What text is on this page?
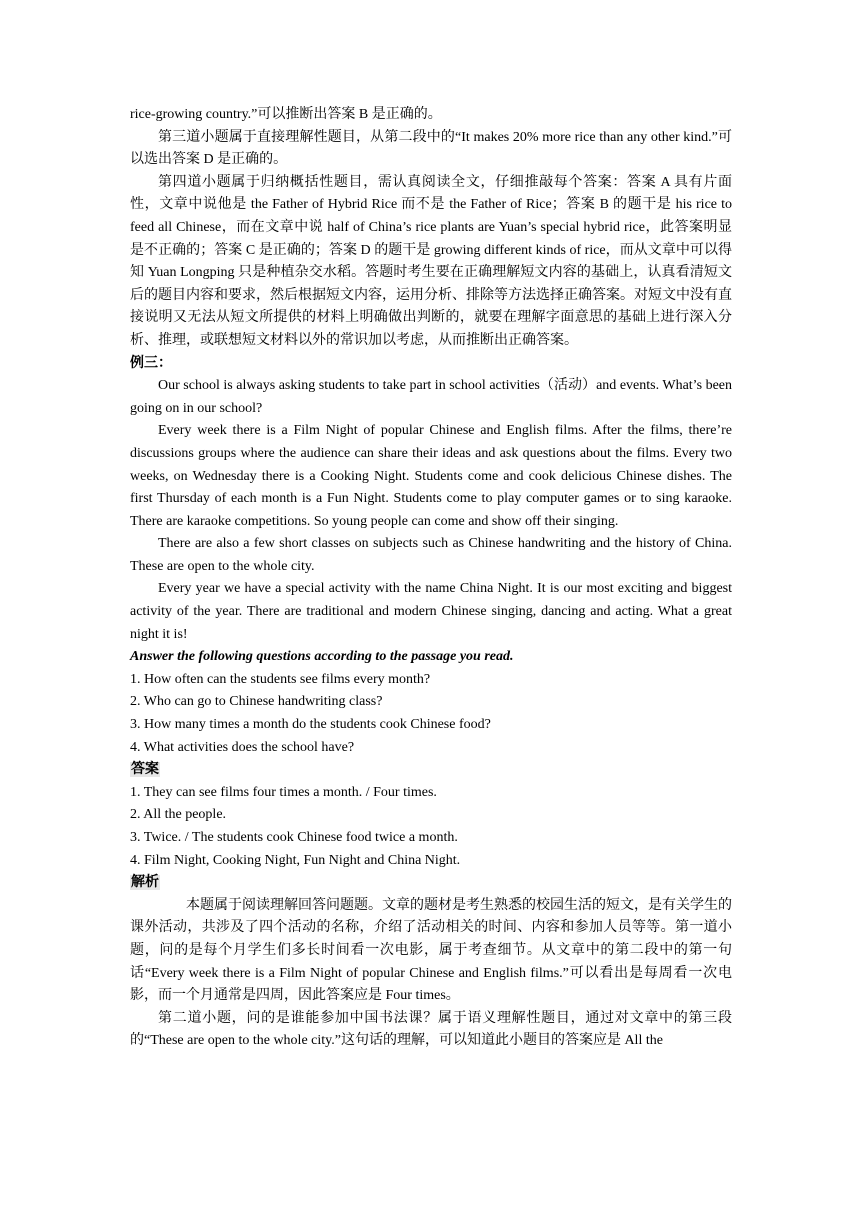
rice-growing country.”可以推断出答案 B 是正确的。

第三道小题属于直接理解性题目，从第二段中的“It makes 20% more rice than any other kind.”可以选出答案 D 是正确的。

第四道小题属于归纳概括性题目，需认真阅读全文，仔细推敲每个答案：答案 A 具有片面性，文章中说他是 the Father of Hybrid Rice 而不是 the Father of Rice；答案 B 的题干是 his rice to feed all Chinese，而在文章中说 half of China’s rice plants are Yuan’s special hybrid rice，此答案明显是不正确的；答案 C 是正确的；答案 D 的题干是 growing different kinds of rice，而从文章中可以得知 Yuan Longping 只是种植杂交水稻。答题时考生要在正确理解短文内容的基础上，认真看清短文后的题目内容和要求，然后根据短文内容，运用分析、排除等方法选择正确答案。对短文中没有直接说明又无法从短文所提供的材料上明确做出判断的，就要在理解字面意思的基础上进行深入分析、推理，或联想短文材料以外的常识加以考虑，从而推断出正确答案。

例三：

Our school is always asking students to take part in school activities（活动）and events. What’s been going on in our school?

Every week there is a Film Night of popular Chinese and English films. After the films, there’re discussions groups where the audience can share their ideas and ask questions about the films. Every two weeks, on Wednesday there is a Cooking Night. Students come and cook delicious Chinese dishes. The first Thursday of each month is a Fun Night. Students come to play computer games or to sing karaoke. There are karaoke competitions. So young people can come and show off their singing.

There are also a few short classes on subjects such as Chinese handwriting and the history of China. These are open to the whole city.

Every year we have a special activity with the name China Night. It is our most exciting and biggest activity of the year. There are traditional and modern Chinese singing, dancing and acting. What a great night it is!

Answer the following questions according to the passage you read.

1. How often can the students see films every month?

2. Who can go to Chinese handwriting class?

3. How many times a month do the students cook Chinese food?

4. What activities does the school have?

答案

1. They can see films four times a month. / Four times.

2. All the people.

3. Twice. / The students cook Chinese food twice a month.

4. Film Night, Cooking Night, Fun Night and China Night.

解析

本题属于阅读理解回答问题题。文章的题材是考生熟悉的校园生活的短文，是有关学生的课外活动，共涉及了四个活动的名称，介绍了活动相关的时间、内容和参加人员等等。第一道小题，问的是每个月学生们多长时间看一次电影，属于考查细节。从文章中的第二段中的第一句话“Every week there is a Film Night of popular Chinese and English films.”可以看出是每周看一次电影，而一个月通常是四周，因此答案应是 Four times。

第二道小题，问的是谁能参加中国书法课？属于语义理解性题目，通过对文章中的第三段的“These are open to the whole city.”这句话的理解，可以知道此小题目的答案应是 All the
